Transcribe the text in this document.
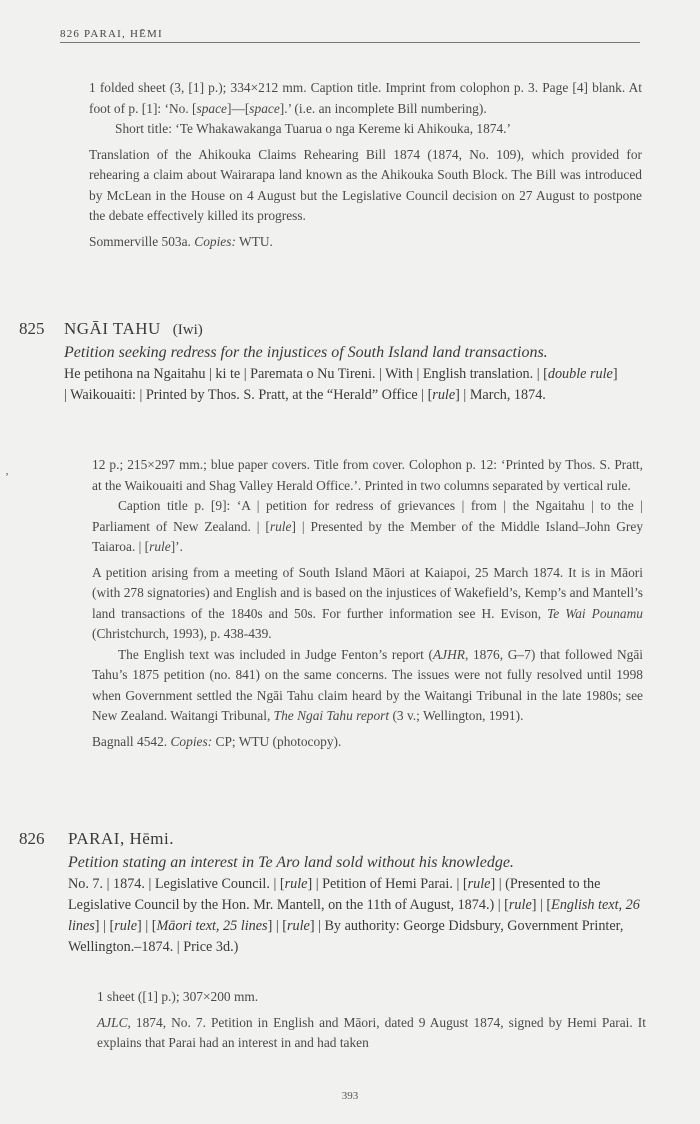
826 PARAI, HĒMI

1 folded sheet (3, [1] p.); 334×212 mm. Caption title. Imprint from colophon p. 3. Page [4] blank. At foot of p. [1]: ‘No. [space]—[space].’ (i.e. an incomplete Bill numbering).

Short title: ‘Te Whakawakanga Tuarua o nga Kereme ki Ahikouka, 1874.’

Translation of the Ahikouka Claims Rehearing Bill 1874 (1874, No. 109), which provided for rehearing a claim about Wairarapa land known as the Ahikouka South Block. The Bill was introduced by McLean in the House on 4 August but the Legislative Council decision on 27 August to postpone the debate effectively killed its progress.

Sommerville 503a. Copies: WTU.

825 NGĀI TAHU (Iwi)

Petition seeking redress for the injustices of South Island land transactions.

He petihona na Ngaitahu | ki te | Paremata o Nu Tireni. | With | English translation. | [double rule] | Waikouaiti: | Printed by Thos. S. Pratt, at the “Herald” Office | [rule] | March, 1874.

‚	12 p.; 215×297 mm.; blue paper covers. Title from cover. Colophon p. 12: ‘Printed by Thos. S. Pratt, at the Waikouaiti and Shag Valley Herald Office.’. Printed in two columns separated by vertical rule.

Caption title p. [9]: ‘A | petition for redress of grievances | from | the Ngaitahu | to the | Parliament of New Zealand. | [rule] | Presented by the Member of the Middle Island–John Grey Taiaroa. | [rule]’.

A petition arising from a meeting of South Island Māori at Kaiapoi, 25 March 1874. It is in Māori (with 278 signatories) and English and is based on the injustices of Wakefield’s, Kemp’s and Mantell’s land transactions of the 1840s and 50s. For further information see H. Evison, Te Wai Pounamu (Christchurch, 1993), p. 438-439.

The English text was included in Judge Fenton’s report (AJHR, 1876, G–7) that followed Ngāi Tahu’s 1875 petition (no. 841) on the same concerns. The issues were not fully resolved until 1998 when Government settled the Ngāi Tahu claim heard by the Waitangi Tribunal in the late 1980s; see New Zealand. Waitangi Tribunal, The Ngai Tahu report (3 v.; Wellington, 1991).

Bagnall 4542. Copies: CP; WTU (photocopy).

826 PARAI, Hēmi.

Petition stating an interest in Te Aro land sold without his knowledge.

No. 7. | 1874. | Legislative Council. | [rule] | Petition of Hemi Parai. | [rule] | (Presented to the Legislative Council by the Hon. Mr. Mantell, on the 11th of August, 1874.) | [rule] | [English text, 26 lines] | [rule] | [Māori text, 25 lines] | [rule] | By authority: George Didsbury, Government Printer, Wellington.–1874. | Price 3d.)

1 sheet ([1] p.); 307×200 mm.

AJLC, 1874, No. 7. Petition in English and Māori, dated 9 August 1874, signed by Hemi Parai. It explains that Parai had an interest in and had taken

393
